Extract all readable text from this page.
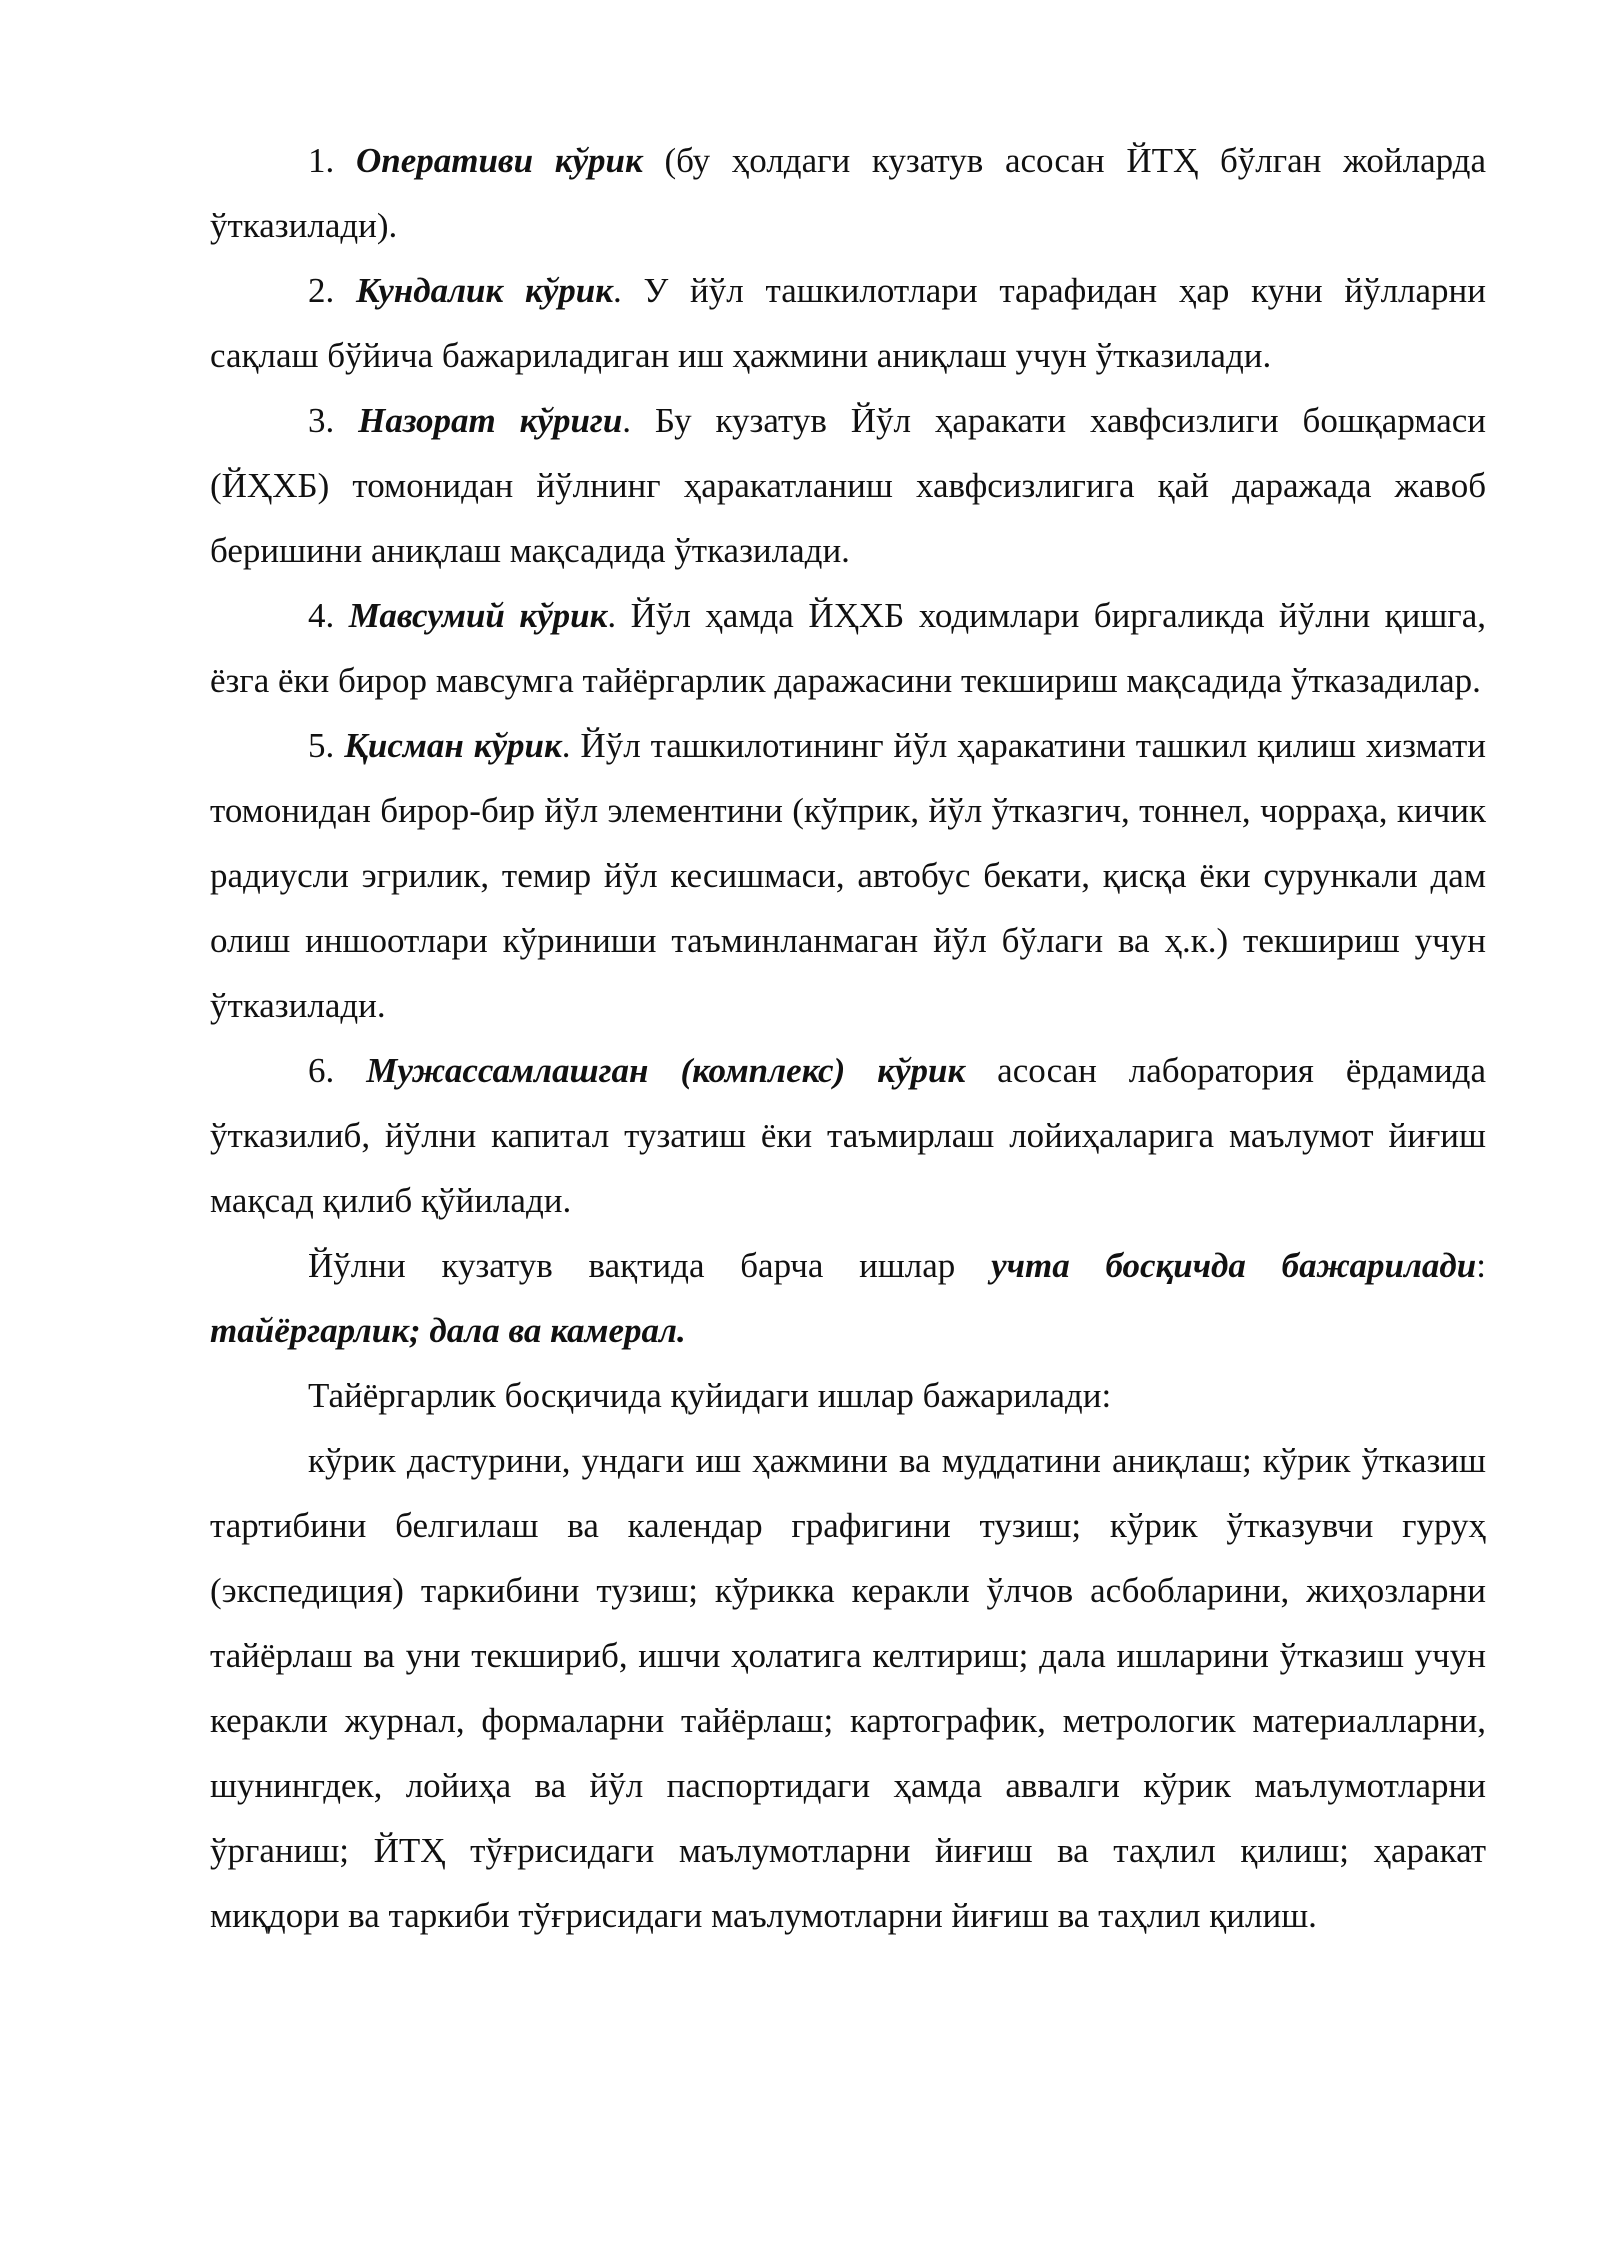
1. Оперативи кўрик (бу ҳолдаги кузатув асосан ЙТҲ бўлган жойларда ўтказилади).

2. Кундалик кўрик. У йўл ташкилотлари тарафидан ҳар куни йўлларни сақлаш бўйича бажариладиган иш ҳажмини аниқлаш учун ўтказилади.

3. Назорат кўриги. Бу кузатув Йўл ҳаракати хавфсизлиги бошқармаси (ЙҲХБ) томонидан йўлнинг ҳаракатланиш хавфсизлигига қай даражада жавоб беришини аниқлаш мақсадида ўтказилади.

4. Мавсумий кўрик. Йўл ҳамда ЙҲХБ ходимлари биргаликда йўлни қишга, ёзга ёки бирор мавсумга тайёргарлик даражасини текшириш мақсадида ўтказадилар.

5. Қисман кўрик. Йўл ташкилотининг йўл ҳаракатини ташкил қилиш хизмати томонидан бирор-бир йўл элементини (кўприк, йўл ўтказгич, тоннел, чорраҳа, кичик радиусли эгрилик, темир йўл кесишмаси, автобус бекати, қисқа ёки сурункали дам олиш иншоотлари кўриниши таъминланмаган йўл бўлаги ва ҳ.к.) текшириш учун ўтказилади.

6. Мужассамлашган (комплекс) кўрик асосан лаборатория ёрдамида ўтказилиб, йўлни капитал тузатиш ёки таъмирлаш лойиҳаларига маълумот йиғиш мақсад қилиб қўйилади.

Йўлни кузатув вақтида барча ишлар учта босқичда бажарилади: тайёргарлик; дала ва камерал.

Тайёргарлик босқичида қуйидаги ишлар бажарилади:

кўрик дастурини, ундаги иш ҳажмини ва муддатини аниқлаш; кўрик ўтказиш тартибини белгилаш ва календар графигини тузиш; кўрик ўтказувчи гуруҳ (экспедиция) таркибини тузиш; кўрикка керакли ўлчов асбобларини, жиҳозларни тайёрлаш ва уни текшириб, ишчи ҳолатига келтириш; дала ишларини ўтказиш учун керакли журнал, формаларни тайёрлаш; картографик, метрологик материалларни, шунингдек, лойиҳа ва йўл паспортидаги ҳамда аввалги кўрик маълумотларни ўрганиш; ЙТҲ тўғрисидаги маълумотларни йиғиш ва таҳлил қилиш; ҳаракат миқдори ва таркиби тўғрисидаги маълумотларни йиғиш ва таҳлил қилиш.
